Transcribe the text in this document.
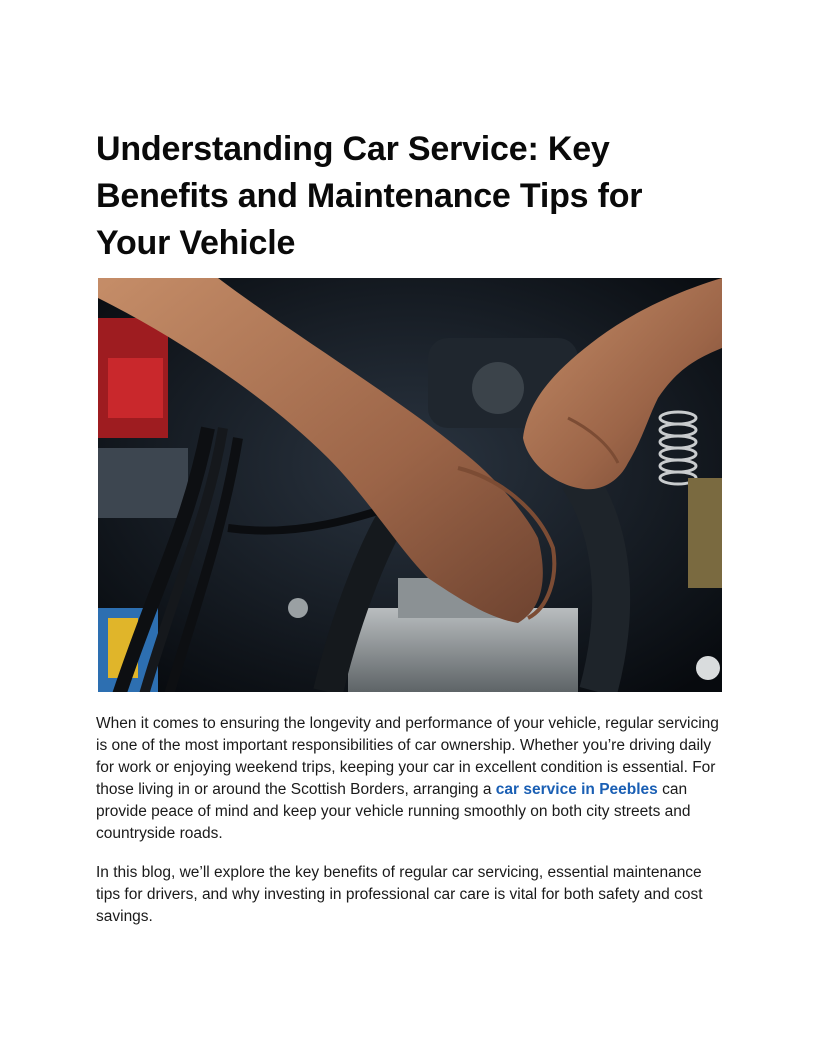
Understanding Car Service: Key Benefits and Maintenance Tips for Your Vehicle

When it comes to ensuring the longevity and performance of your vehicle, regular servicing is one of the most important responsibilities of car ownership. Whether you’re driving daily for work or enjoying weekend trips, keeping your car in excellent condition is essential. For those living in or around the Scottish Borders, arranging a car service in Peebles can provide peace of mind and keep your vehicle running smoothly on both city streets and countryside roads.

In this blog, we’ll explore the key benefits of regular car servicing, essential maintenance tips for drivers, and why investing in professional car care is vital for both safety and cost savings.
